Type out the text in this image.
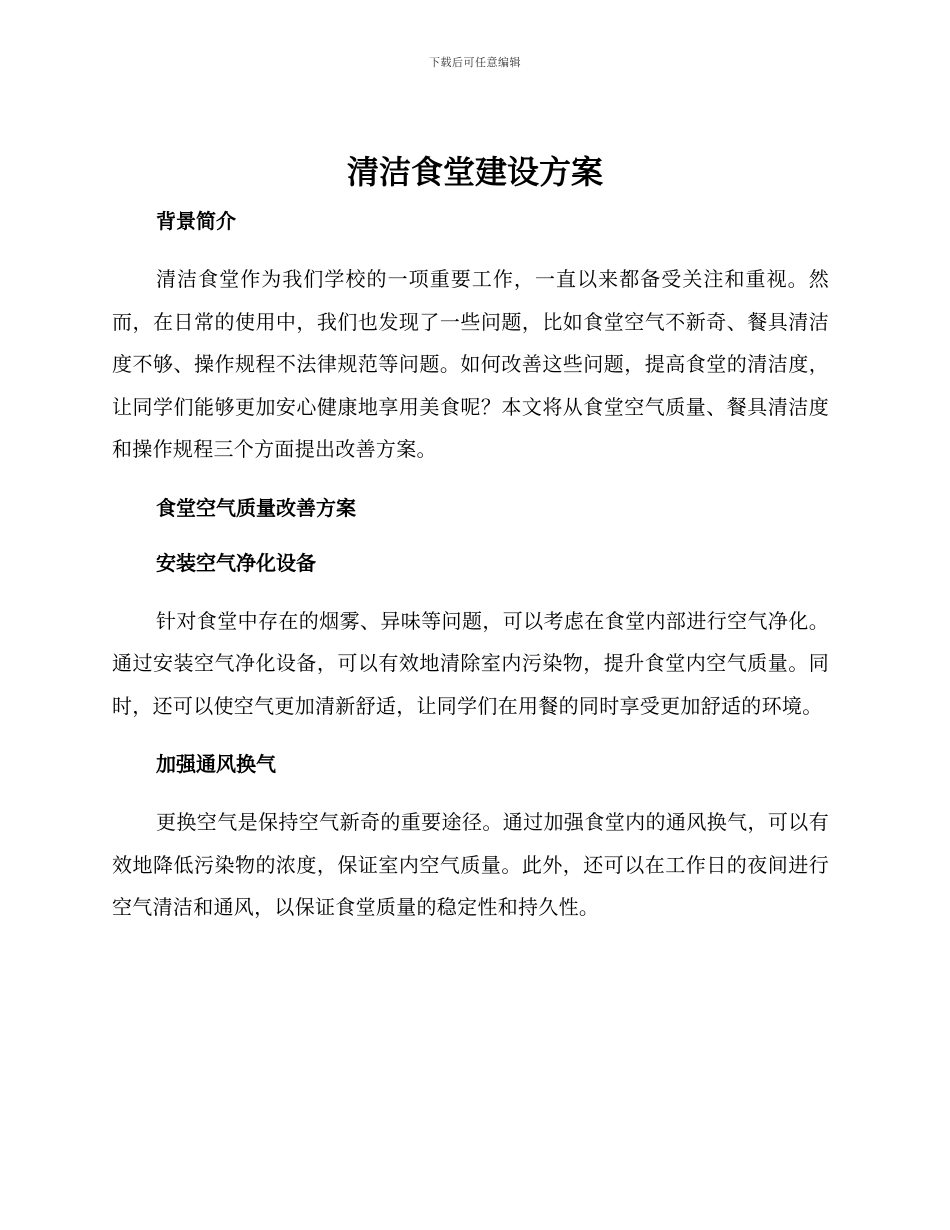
下载后可任意编辑
清洁食堂建设方案
背景简介

清洁食堂作为我们学校的一项重要工作，一直以来都备受关注和重视。然而，在日常的使用中，我们也发现了一些问题，比如食堂空气不新奇、餐具清洁度不够、操作规程不法律规范等问题。如何改善这些问题，提高食堂的清洁度，让同学们能够更加安心健康地享用美食呢？本文将从食堂空气质量、餐具清洁度和操作规程三个方面提出改善方案。

食堂空气质量改善方案
安装空气净化设备

针对食堂中存在的烟雾、异味等问题，可以考虑在食堂内部进行空气净化。通过安装空气净化设备，可以有效地清除室内污染物，提升食堂内空气质量。同时，还可以使空气更加清新舒适，让同学们在用餐的同时享受更加舒适的环境。

加强通风换气

更换空气是保持空气新奇的重要途径。通过加强食堂内的通风换气，可以有效地降低污染物的浓度，保证室内空气质量。此外，还可以在工作日的夜间进行空气清洁和通风，以保证食堂质量的稳定性和持久性。
